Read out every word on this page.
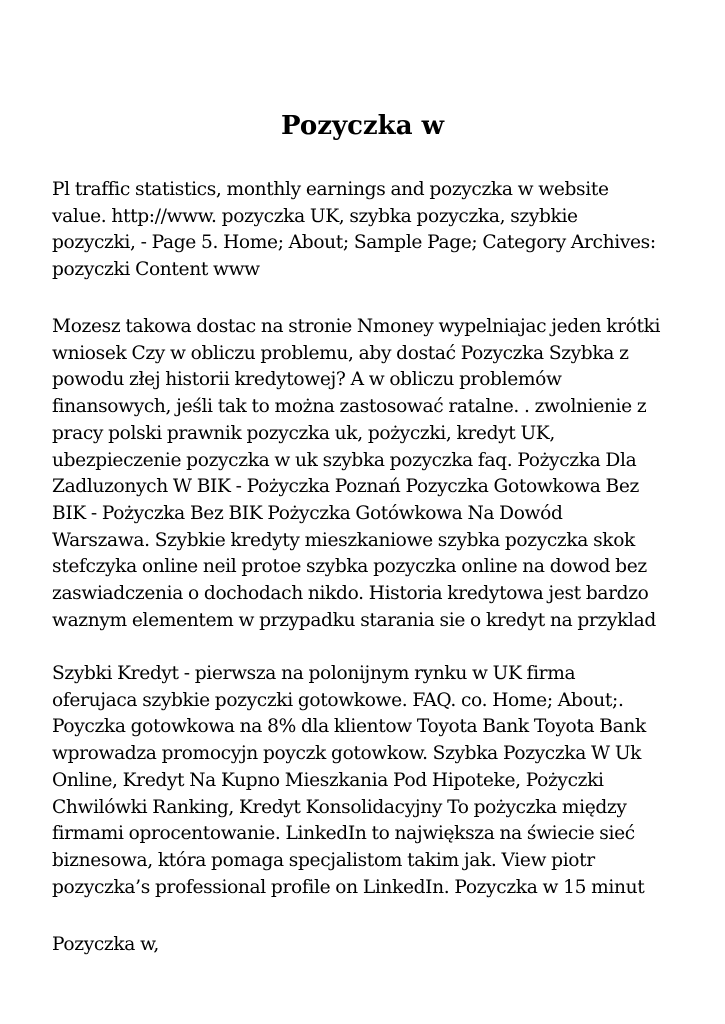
Pozyczka w

Pl traffic statistics, monthly earnings and pozyczka w website
value. http://www. pozyczka UK, szybka pozyczka, szybkie
pozyczki, - Page 5. Home; About; Sample Page; Category Archives:
pozyczki Content www

Mozesz takowa dostac na stronie Nmoney wypelniajac jeden krótki
wniosek Czy w obliczu problemu, aby dostać Pozyczka Szybka z
powodu złej historii kredytowej? A w obliczu problemów
finansowych, jeśli tak to można zastosować ratalne. . zwolnienie z
pracy polski prawnik pozyczka uk, pożyczki, kredyt UK,
ubezpieczenie pozyczka w uk szybka pozyczka faq. Pożyczka Dla
Zadluzonych W BIK - Pożyczka Poznań Pozyczka Gotowkowa Bez
BIK - Pożyczka Bez BIK Pożyczka Gotówkowa Na Dowód
Warszawa. Szybkie kredyty mieszkaniowe szybka pozyczka skok
stefczyka online neil protoe szybka pozyczka online na dowod bez
zaswiadczenia o dochodach nikdo. Historia kredytowa jest bardzo
waznym elementem w przypadku starania sie o kredyt na przyklad

Szybki Kredyt - pierwsza na polonijnym rynku w UK firma
oferujaca szybkie pozyczki gotowkowe. FAQ. co. Home; About;.
Poyczka gotowkowa na 8% dla klientow Toyota Bank Toyota Bank
wprowadza promocyjn poyczk gotowkow. Szybka Pozyczka W Uk
Online, Kredyt Na Kupno Mieszkania Pod Hipoteke, Pożyczki
Chwilówki Ranking, Kredyt Konsolidacyjny To pożyczka między
firmami oprocentowanie. LinkedIn to największa na świecie sieć
biznesowa, która pomaga specjalistom takim jak. View piotr
pozyczka’s professional profile on LinkedIn. Pozyczka w 15 minut

Pozyczka w,
